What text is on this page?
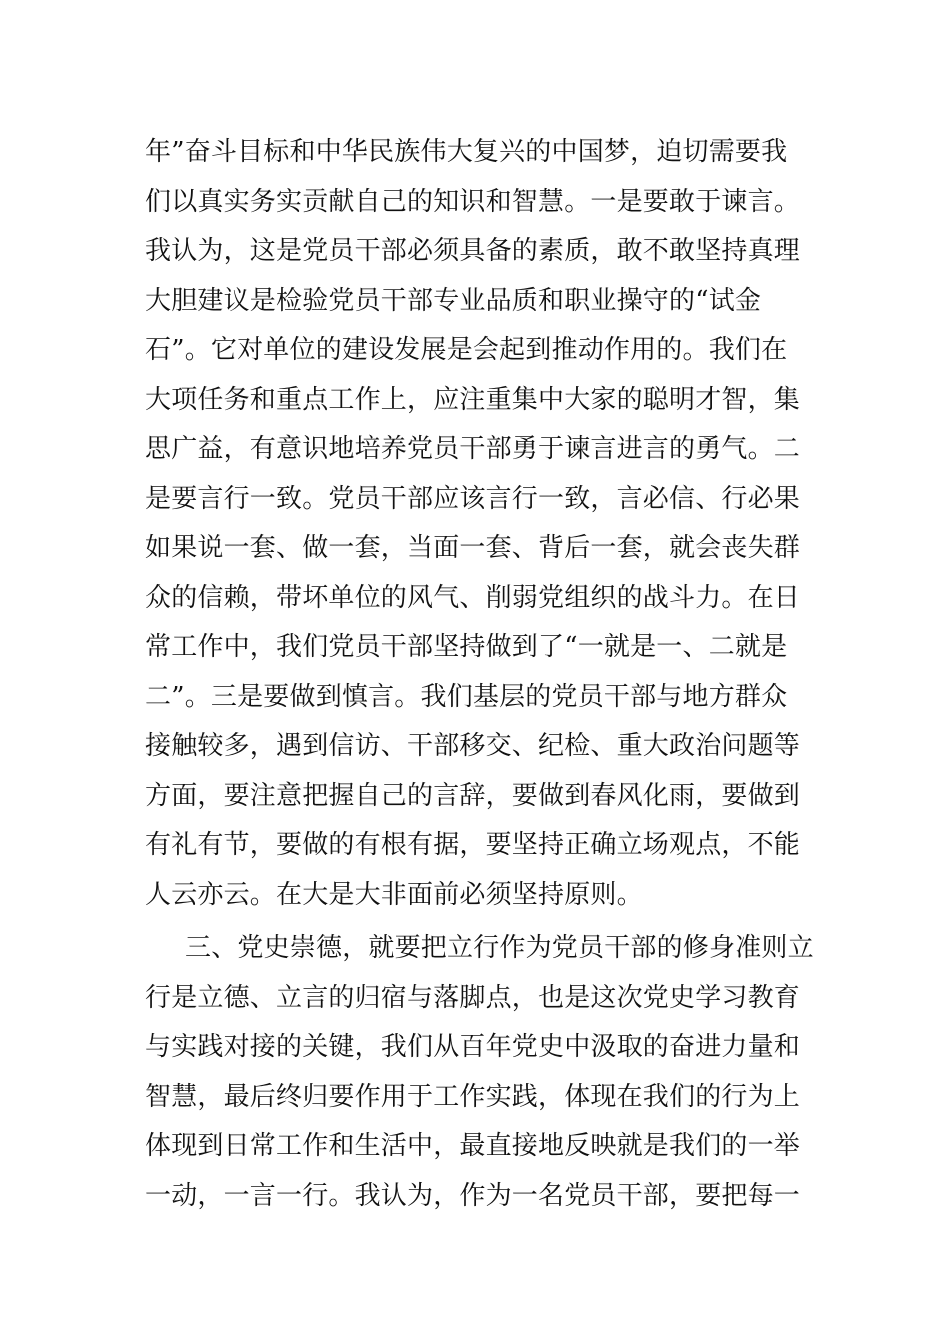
年”奋斗目标和中华民族伟大复兴的中国梦，迫切需要我
们以真实务实贡献自己的知识和智慧。一是要敢于谏言。
我认为，这是党员干部必须具备的素质，敢不敢坚持真理
大胆建议是检验党员干部专业品质和职业操守的“试金
石”。它对单位的建设发展是会起到推动作用的。我们在
大项任务和重点工作上，应注重集中大家的聪明才智，集
思广益，有意识地培养党员干部勇于谏言进言的勇气。二
是要言行一致。党员干部应该言行一致，言必信、行必果
如果说一套、做一套，当面一套、背后一套，就会丧失群
众的信赖，带坏单位的风气、削弱党组织的战斗力。在日
常工作中，我们党员干部坚持做到了“一就是一、二就是
二”。三是要做到慎言。我们基层的党员干部与地方群众
接触较多，遇到信访、干部移交、纪检、重大政治问题等
方面，要注意把握自己的言辞，要做到春风化雨，要做到
有礼有节，要做的有根有据，要坚持正确立场观点，不能
人云亦云。在大是大非面前必须坚持原则。
三、党史崇德，就要把立行作为党员干部的修身准则立
行是立德、立言的归宿与落脚点，也是这次党史学习教育
与实践对接的关键，我们从百年党史中汲取的奋进力量和
智慧，最后终归要作用于工作实践，体现在我们的行为上
体现到日常工作和生活中，最直接地反映就是我们的一举
一动，一言一行。我认为，作为一名党员干部，要把每一
